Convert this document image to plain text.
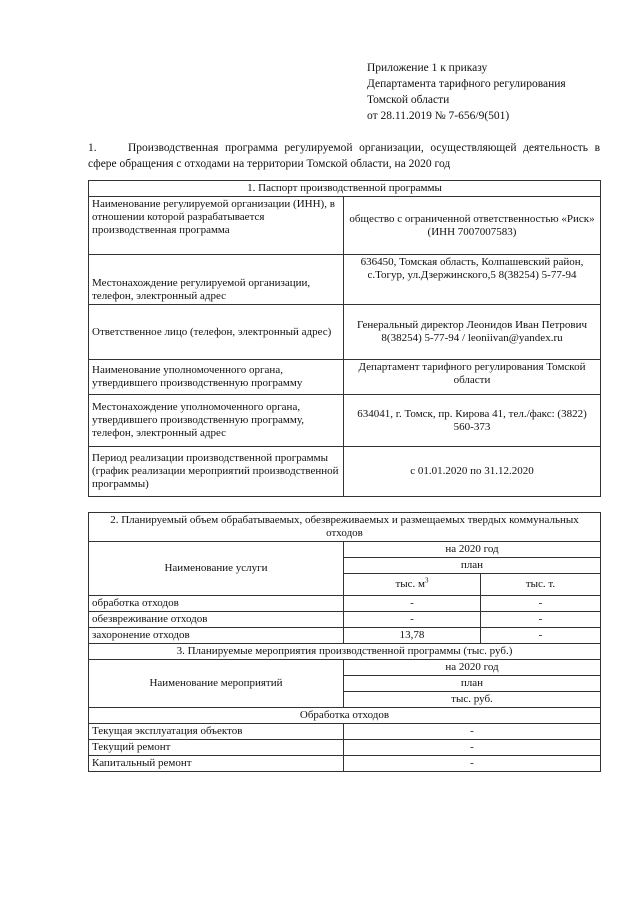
Приложение 1 к приказу
Департамента тарифного регулирования
Томской области
от 28.11.2019 № 7-656/9(501)
1.	Производственная программа регулируемой организации, осуществляющей деятельность в сфере обращения с отходами на территории Томской области, на 2020 год
1. Паспорт производственной программы	
Наименование регулируемой организации (ИНН), в отношении которой разрабатывается производственная программа	общество с ограниченной ответственностью «Риск» (ИНН 7007007583)
Местонахождение регулируемой организации, телефон, электронный адрес	636450, Томская область, Колпашевский район, с.Тогур, ул.Дзержинского,5 8(38254) 5-77-94
Ответственное лицо (телефон, электронный адрес)	Генеральный директор Леонидов Иван Петрович 8(38254) 5-77-94 / leoniivan@yandex.ru
Наименование уполномоченного органа, утвердившего производственную программу	Департамент тарифного регулирования Томской области
Местонахождение уполномоченного органа, утвердившего производственную программу, телефон, электронный адрес	634041, г. Томск, пр. Кирова 41, тел./факс: (3822) 560-373
Период реализации производственной программы (график реализации мероприятий производственной программы)	с 01.01.2020 по 31.12.2020
2. Планируемый объем обрабатываемых, обезвреживаемых и размещаемых твердых коммунальных отходов		
Наименование услуги	на 2020 год	
	план	
	тыс. $м^3$	тыс. т.
обработка отходов	-	-
обезвреживание отходов	-	-
захоронение отходов	13,78	-
3. Планируемые мероприятия производственной программы (тыс. руб.)		
Наименование мероприятий	на 2020 год	
	план	
	тыс. руб.	
Обработка отходов		
Текущая эксплуатация объектов	-	
Текущий ремонт	-	
Капитальный ремонт	-	
